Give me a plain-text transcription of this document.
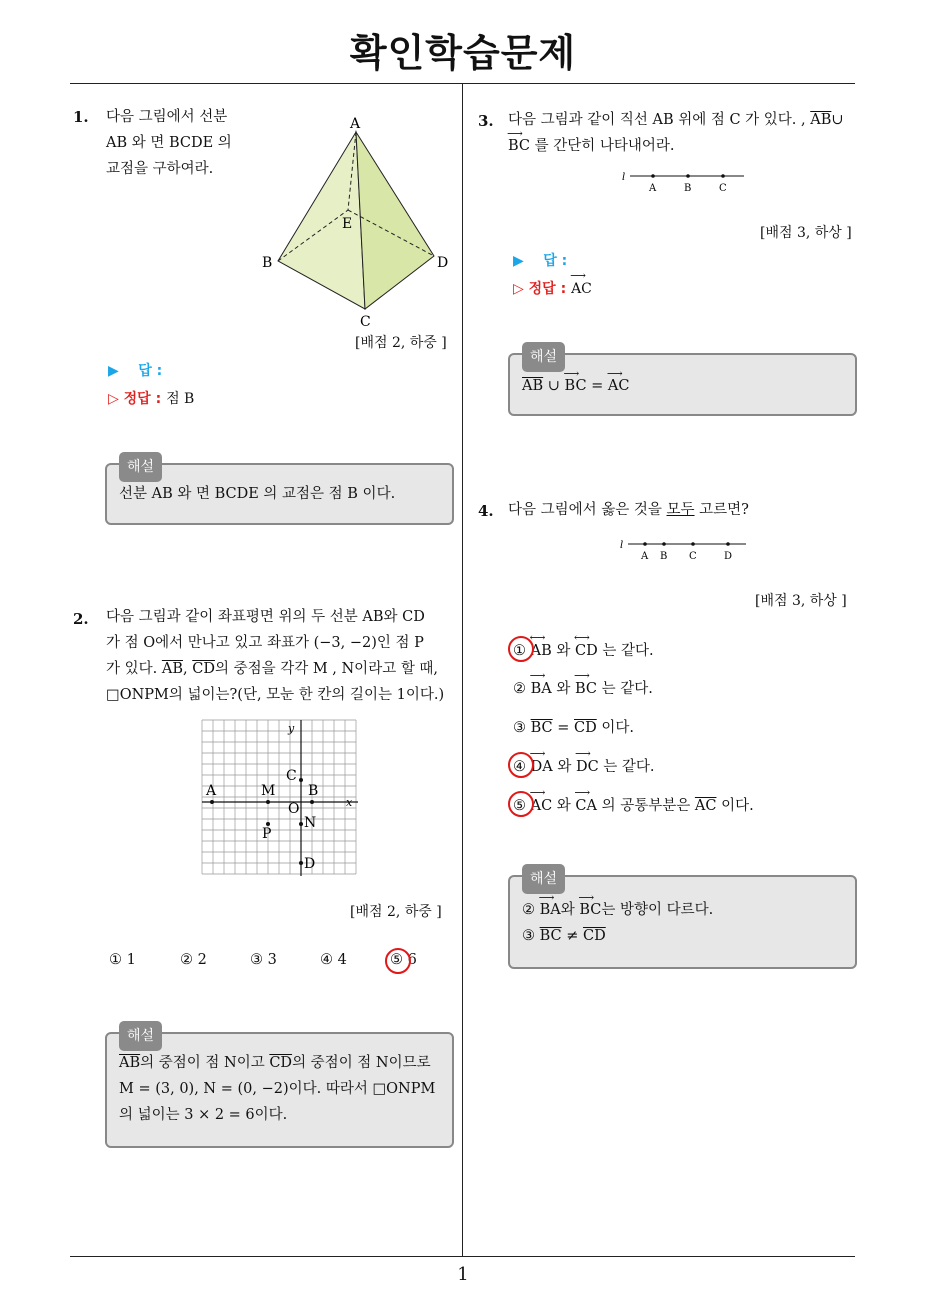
확인학습문제
1
1. 다음 그림에서 선분
AB 와 면 BCDE 의
교점을 구하여라.
A
B
C
D
E
[배점 2, 하중 ]
▶ 답 :
▷ 정답 : 점 B
해설
선분 AB 와 면 BCDE 의 교점은 점 B 이다.
2. 다음 그림과 같이 좌표평면 위의 두 선분 AB와 CD
가 점 O에서 만나고 있고 좌표가 (−3, −2)인 점 P
가 있다. $\overline{AB}$, $\overline{CD}$의 중점을 각각 M , N이라고 할 때,
□ONPM의 넓이는?(단, 모눈 한 칸의 길이는 1이다.)
x
y
A	M
C
B
O
N
P
D
[배점 2, 하중 ]
① 1	② 2	③ 3	④ 4	⑤ 6
해설
$\overline{AB}$의 중점이 점 N이고 $\overline{CD}$의 중점이 점 N이므로
M = (3, 0), N = (0, −2)이다. 따라서 □ONPM
의 넓이는 3 × 2 = 6이다.
3. 다음 그림과 같이 직선 AB 위에 점 C 가 있다. , $\overline{AB}\cup$
⟶ BC 를 간단히 나타내어라.
l
A	B	C
[배점 3, 하상 ]
▶ 답 :
▷ 정답 : ⟶ AC
해설
$\overline{AB}$ ∪ ⟶ BC = ⟶ AC
4. 다음 그림에서 옳은 것을 모두 고르면?
l
A B C	D
[배점 3, 하상 ]
① ⟷ AB 와 ⟷ CD 는 같다.
② ⟶ BA 와 ⟶ BC 는 같다.
③ $\overline{BC} = \overline{CD}$ 이다.
④ ⟶ DA 와 ⟶ DC 는 같다.
⑤ ⟶ AC 와 ⟶ CA 의 공통부분은 $\overline{AC}$ 이다.
해설
② ⟶ BA와 ⟶ BC는 방향이 다르다.
③ $\overline{BC} \ne \overline{CD}$
